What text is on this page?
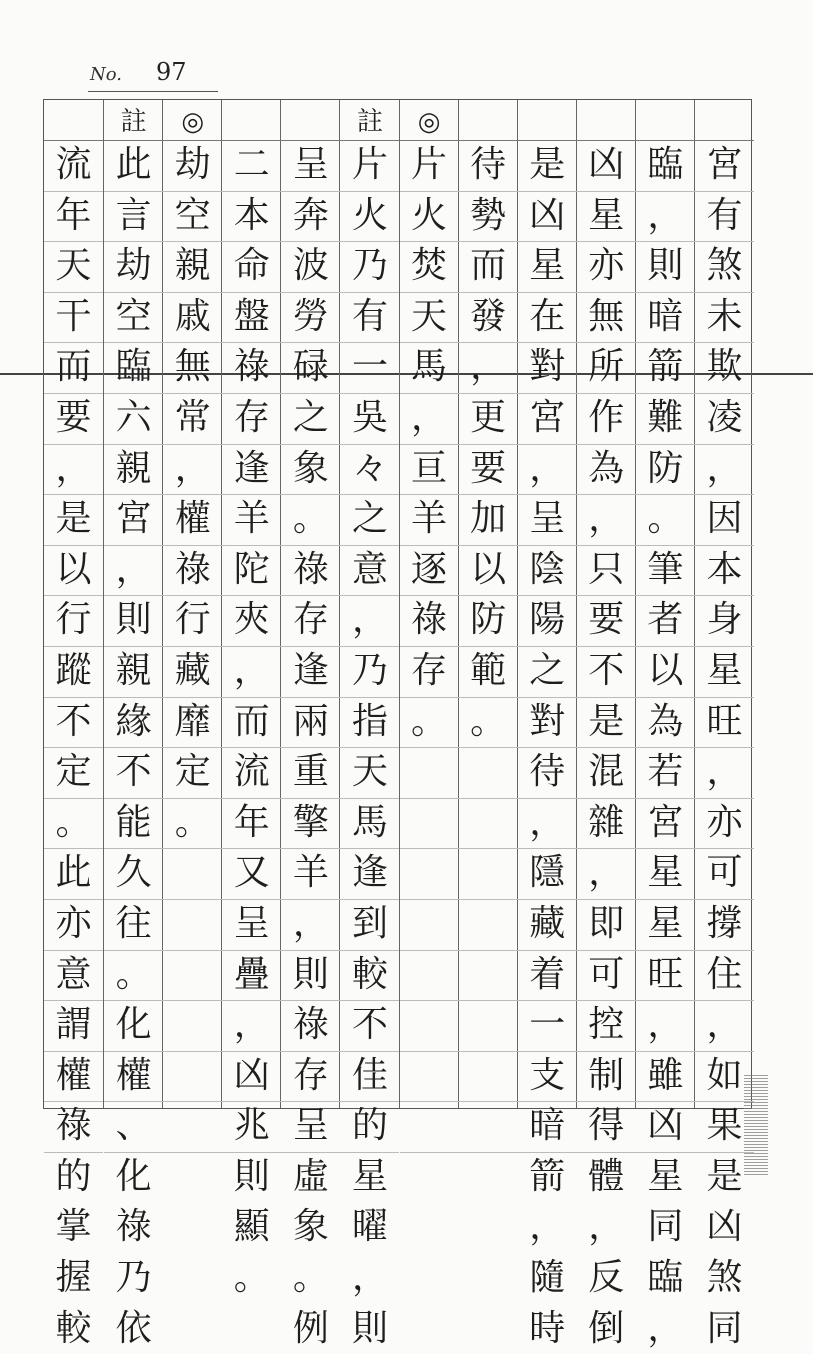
No. 97
宮
有
煞
未
欺
凌
，
因
本
身
星
旺
，
亦
可
撐
住
，
如
果
是
凶
煞
同
臨
，
則
暗
箭
難
防
。
筆
者
以
為
若
宮
星
星
旺
，
雖
凶
星
同
臨
，
凶
星
亦
無
所
作
為
，
只
要
不
是
混
雜
，
即
可
控
制
得
體
，
反
倒
是
凶
星
在
對
宮
，
呈
陰
陽
之
對
待
，
隱
藏
着
一
支
暗
箭
，
隨
時
待
勢
而
發
，
更
要
加
以
防
範
。
◎
片
火
焚
天
馬
，
亘
羊
逐
祿
存
。
註
片
火
乃
有
一
吳
々
之
意
，
乃
指
天
馬
逢
到
較
不
佳
的
星
曜
，
則
呈
奔
波
勞
碌
之
象
。
祿
存
逢
兩
重
擎
羊
，
則
祿
存
呈
虛
象
。
例
二
本
命
盤
祿
存
逢
羊
陀
夾
，
而
流
年
又
呈
疊
，
凶
兆
則
顯
。
◎
劫
空
親
戚
無
常
，
權
祿
行
藏
靡
定
。
註
此
言
劫
空
臨
六
親
宮
，
則
親
緣
不
能
久
往
。
化
權
、
化
祿
乃
依
流
年
天
干
而
要
，
是
以
行
蹤
不
定
。
此
亦
意
謂
權
祿
的
掌
握
較
